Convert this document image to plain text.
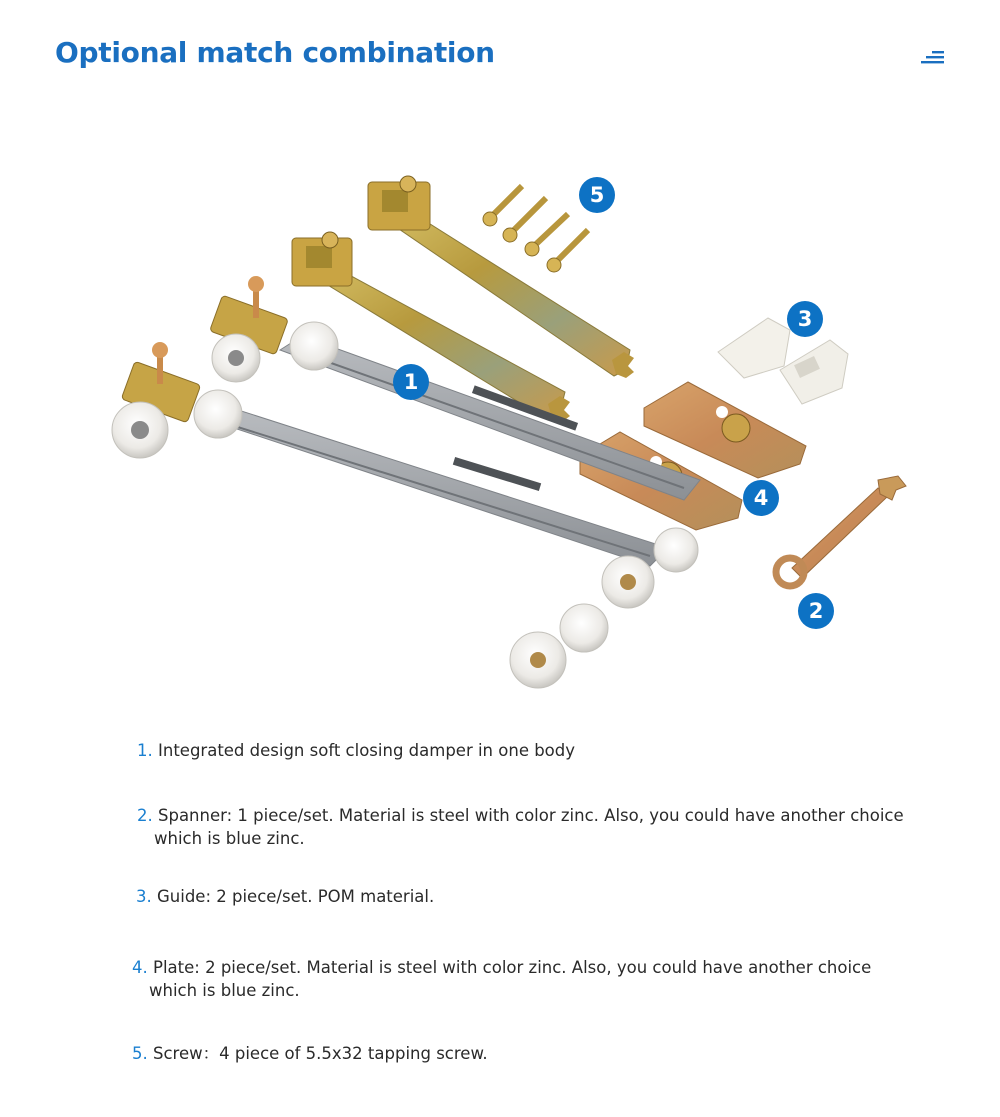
Optional match combination
1
2
3
4
5
1. Integrated design soft closing damper in one body
2. Spanner: 1 piece/set. Material is steel with color zinc. Also, you could have another choice
which is blue zinc.
3. Guide: 2 piece/set. POM material.
4. Plate: 2 piece/set. Material is steel with color zinc. Also, you could have another choice
which is blue zinc.
5. Screw：4 piece of 5.5x32 tapping screw.
